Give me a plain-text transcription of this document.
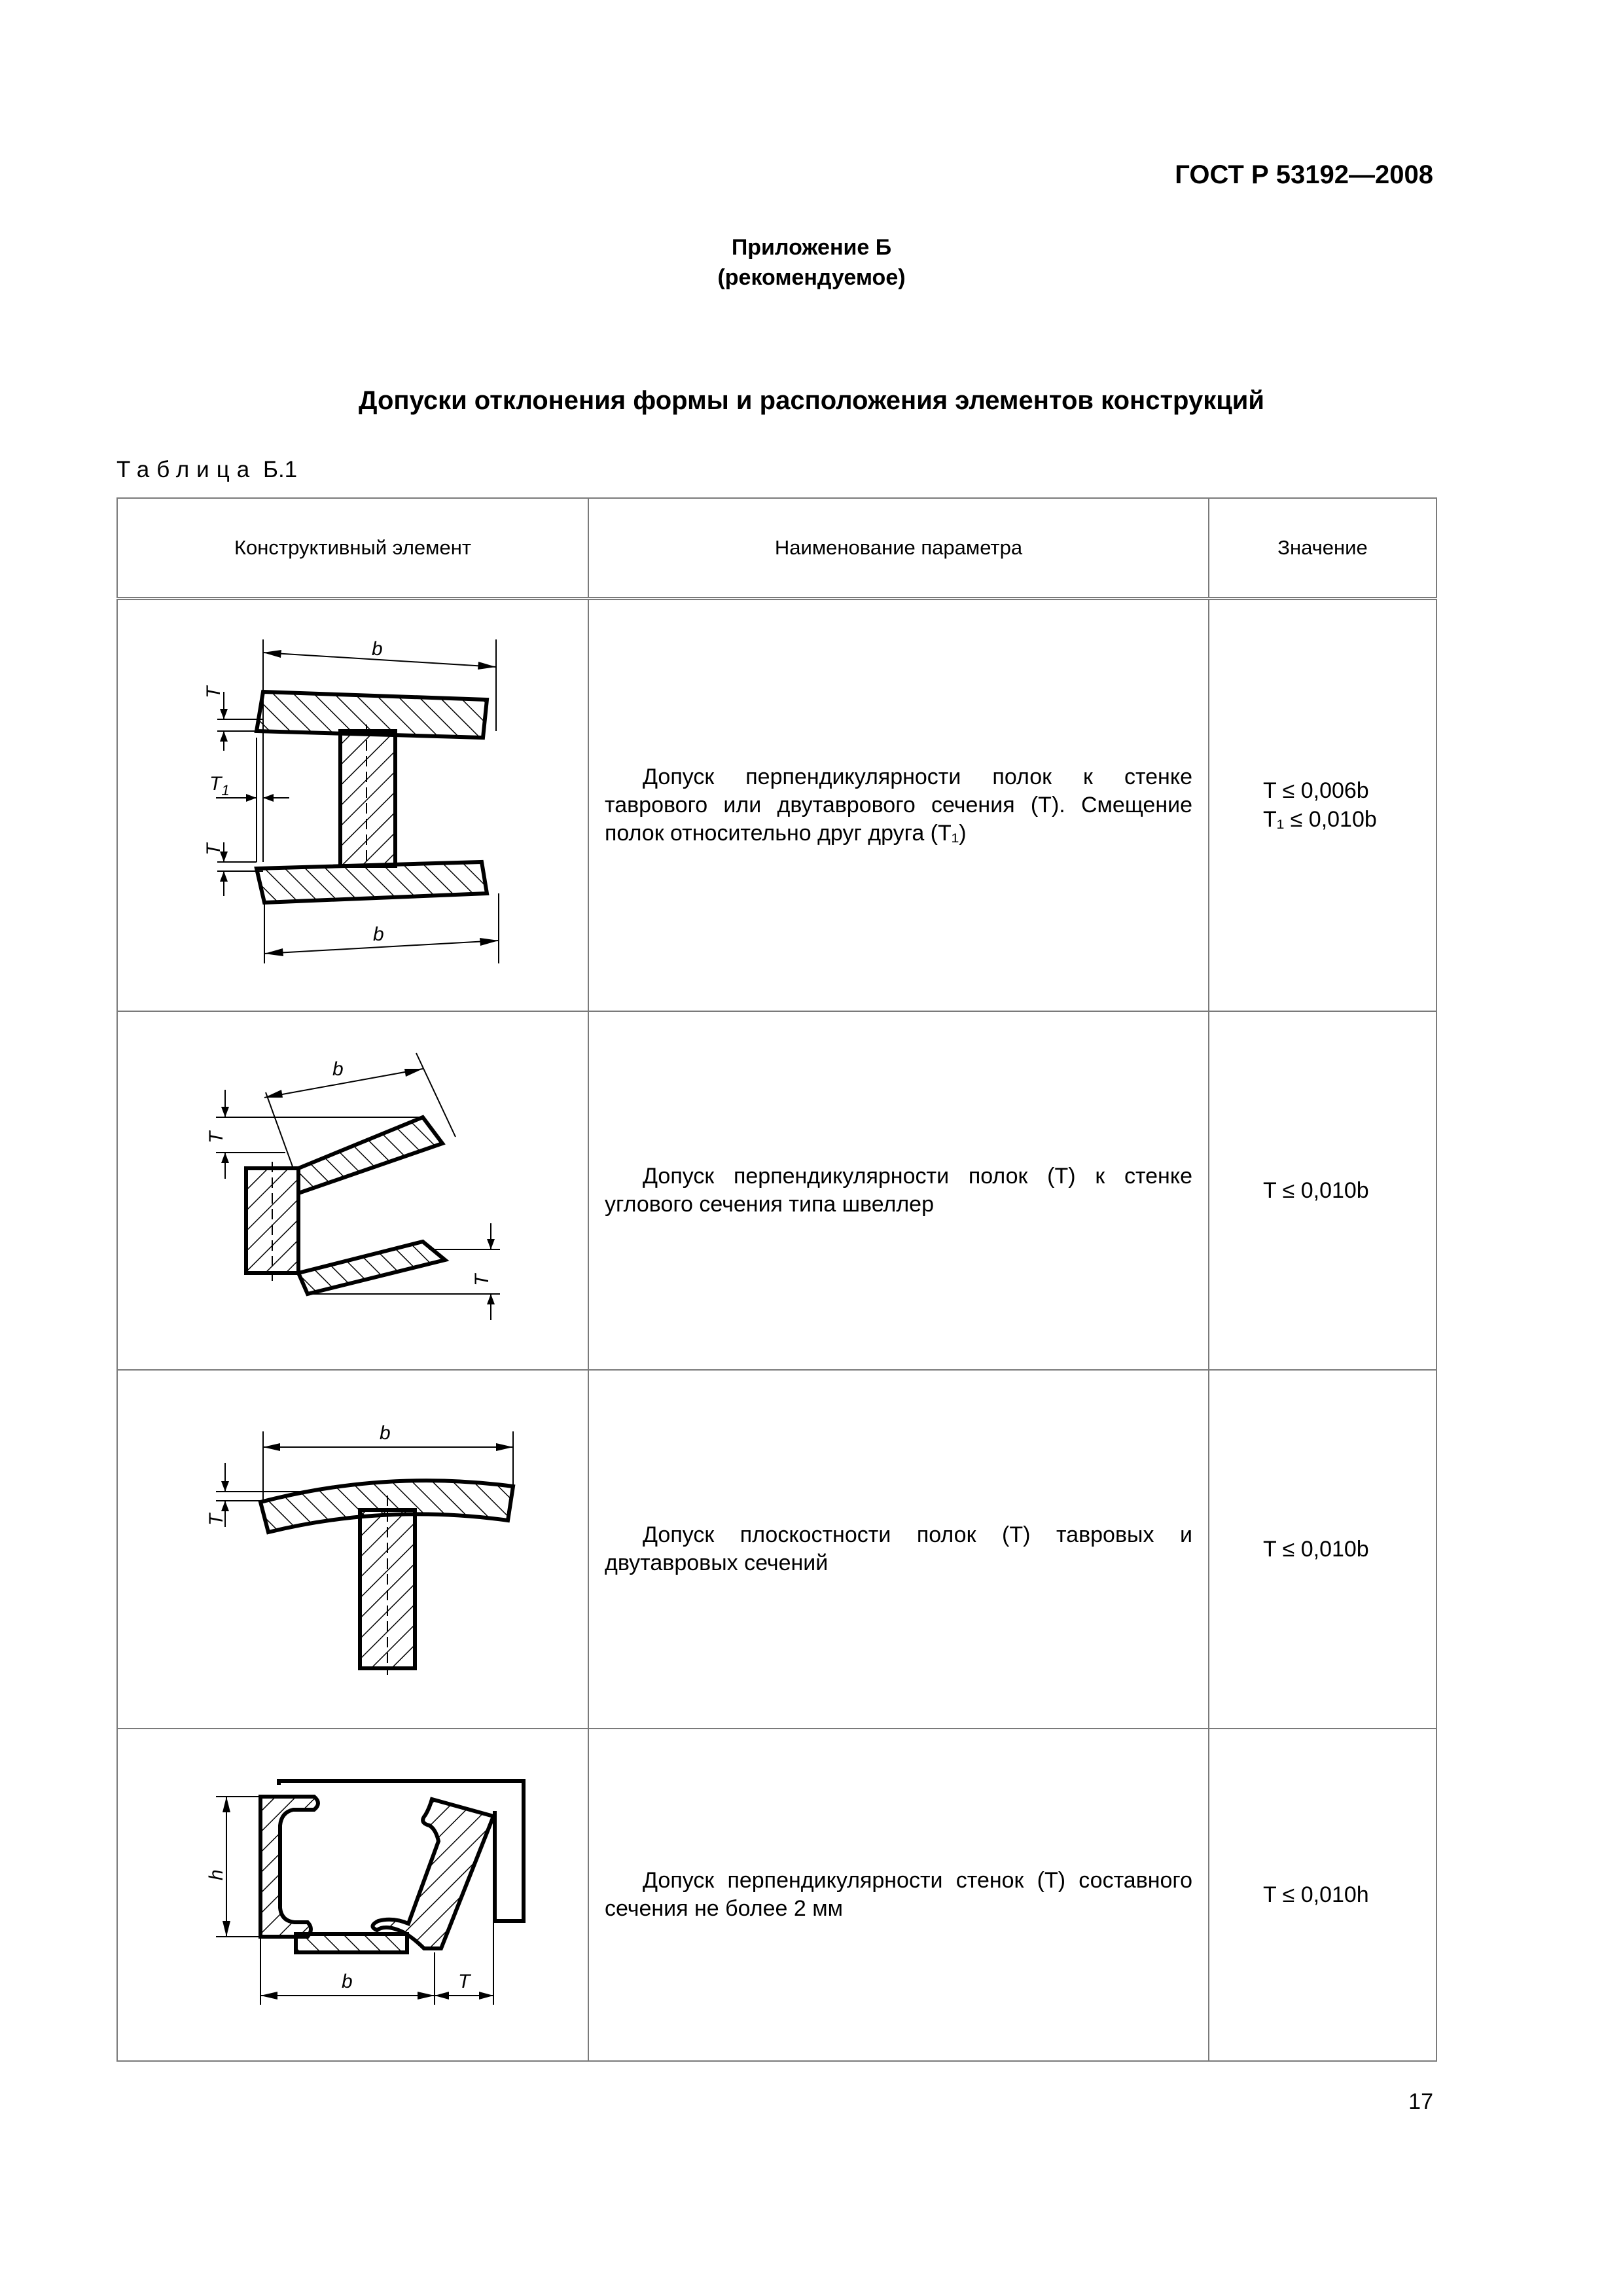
ГОСТ Р 53192—2008
Приложение Б
(рекомендуемое)
Допуски отклонения формы и расположения элементов конструкций
Таблица Б.1
Конструктивный элемент	Наименование параметра	Значение

b
b
T
$T_1$
T	Допуск перпендикулярности полок к стенке таврового или двутаврового сечения (Т). Смещение полок относительно друг друга (Т₁)	T ≤ 0,006b
T₁ ≤ 0,010b

b
T
T	Допуск перпендикулярности полок (Т) к стенке углового сечения типа швеллер	T ≤ 0,010b

b
T	Допуск плоскостности полок (Т) тавровых и двутавровых сечений	T ≤ 0,010b

h
b T	Допуск перпендикулярности стенок (Т) составного сечения не более 2 мм	T ≤ 0,010h
17
